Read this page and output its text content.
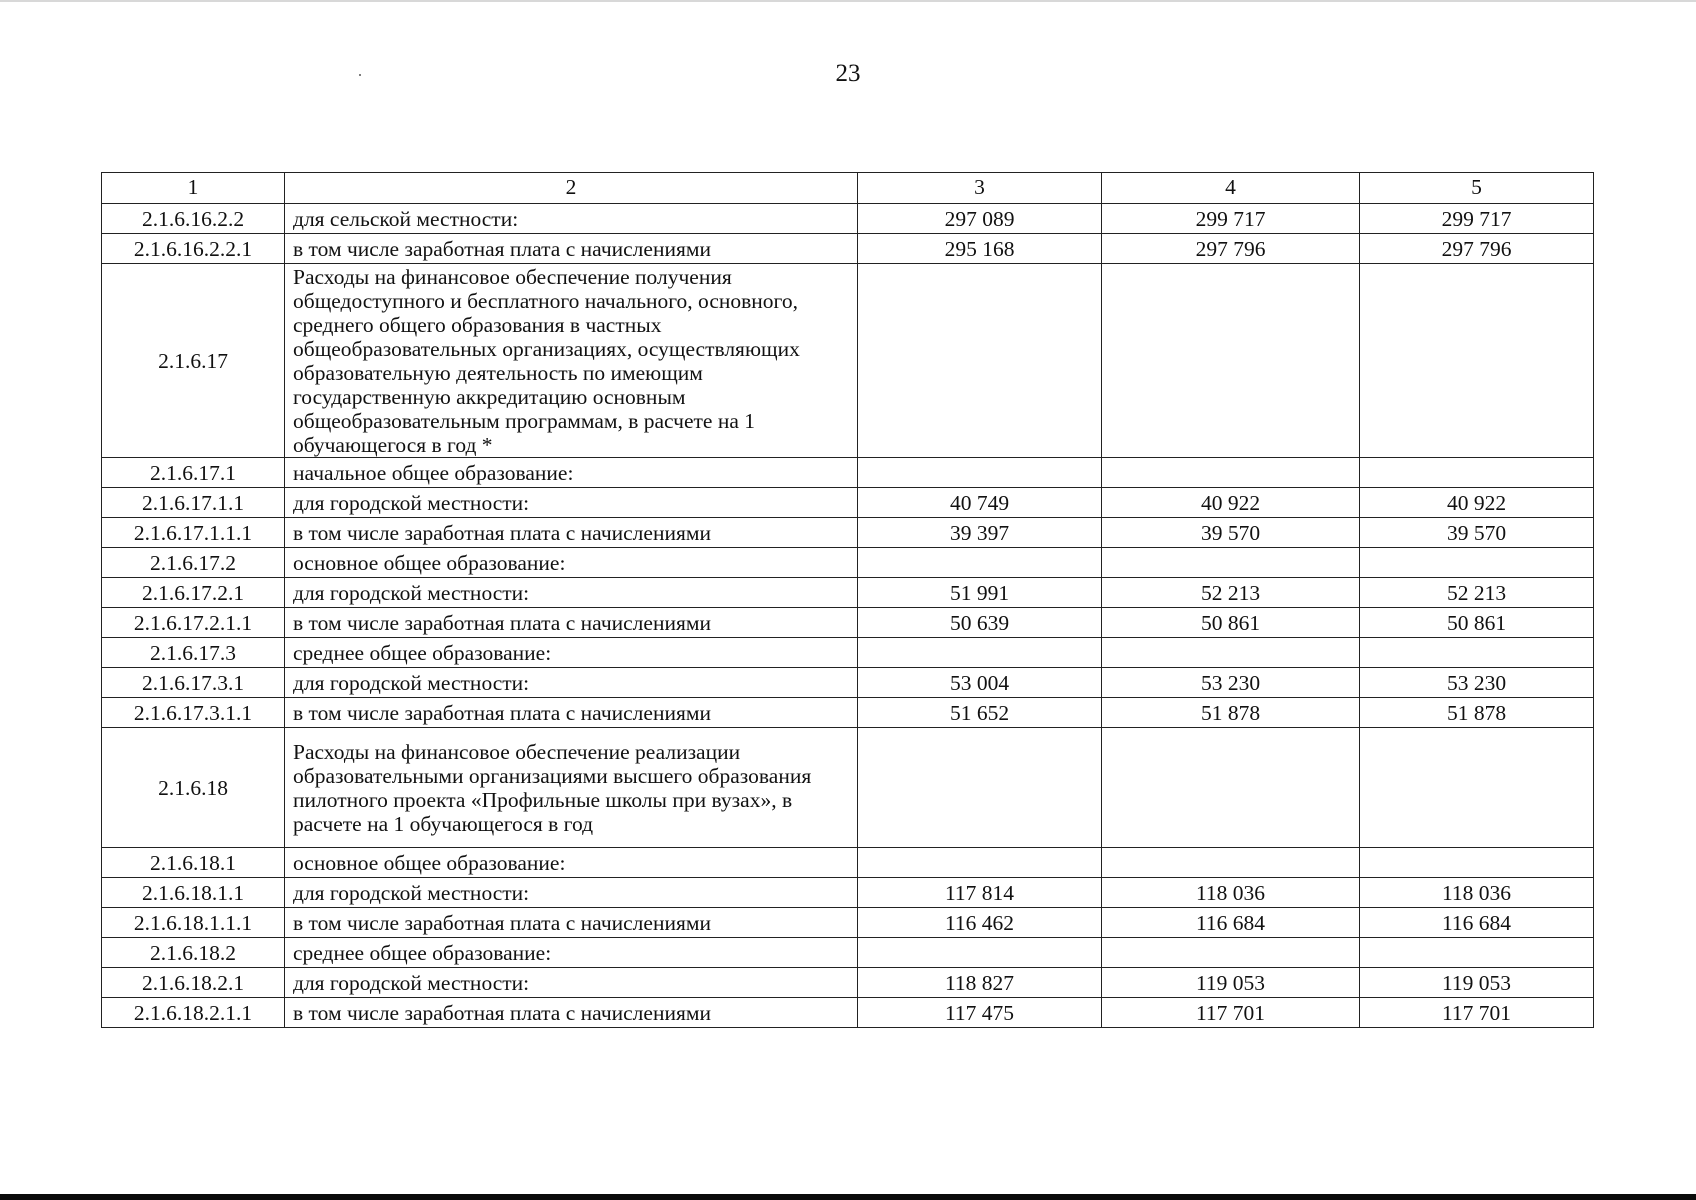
23
1	2	3	4	5
2.1.6.16.2.2	для сельской местности:	297 089	299 717	299 717
2.1.6.16.2.2.1	в том числе заработная плата с начислениями	295 168	297 796	297 796
2.1.6.17	Расходы на финансовое обеспечение получения общедоступного и бесплатного начального, основного, среднего общего образования в частных общеобразовательных организациях, осуществляющих образовательную деятельность по имеющим государственную аккредитацию основным общеобразовательным программам, в расчете на 1 обучающегося в год *			
2.1.6.17.1	начальное общее образование:			
2.1.6.17.1.1	для городской местности:	40 749	40 922	40 922
2.1.6.17.1.1.1	в том числе заработная плата с начислениями	39 397	39 570	39 570
2.1.6.17.2	основное общее образование:			
2.1.6.17.2.1	для городской местности:	51 991	52 213	52 213
2.1.6.17.2.1.1	в том числе заработная плата с начислениями	50 639	50 861	50 861
2.1.6.17.3	среднее общее образование:			
2.1.6.17.3.1	для городской местности:	53 004	53 230	53 230
2.1.6.17.3.1.1	в том числе заработная плата с начислениями	51 652	51 878	51 878
2.1.6.18	Расходы на финансовое обеспечение реализации образовательными организациями высшего образования пилотного проекта «Профильные школы при вузах», в расчете на 1 обучающегося в год			
2.1.6.18.1	основное общее образование:			
2.1.6.18.1.1	для городской местности:	117 814	118 036	118 036
2.1.6.18.1.1.1	в том числе заработная плата с начислениями	116 462	116 684	116 684
2.1.6.18.2	среднее общее образование:			
2.1.6.18.2.1	для городской местности:	118 827	119 053	119 053
2.1.6.18.2.1.1	в том числе заработная плата с начислениями	117 475	117 701	117 701
